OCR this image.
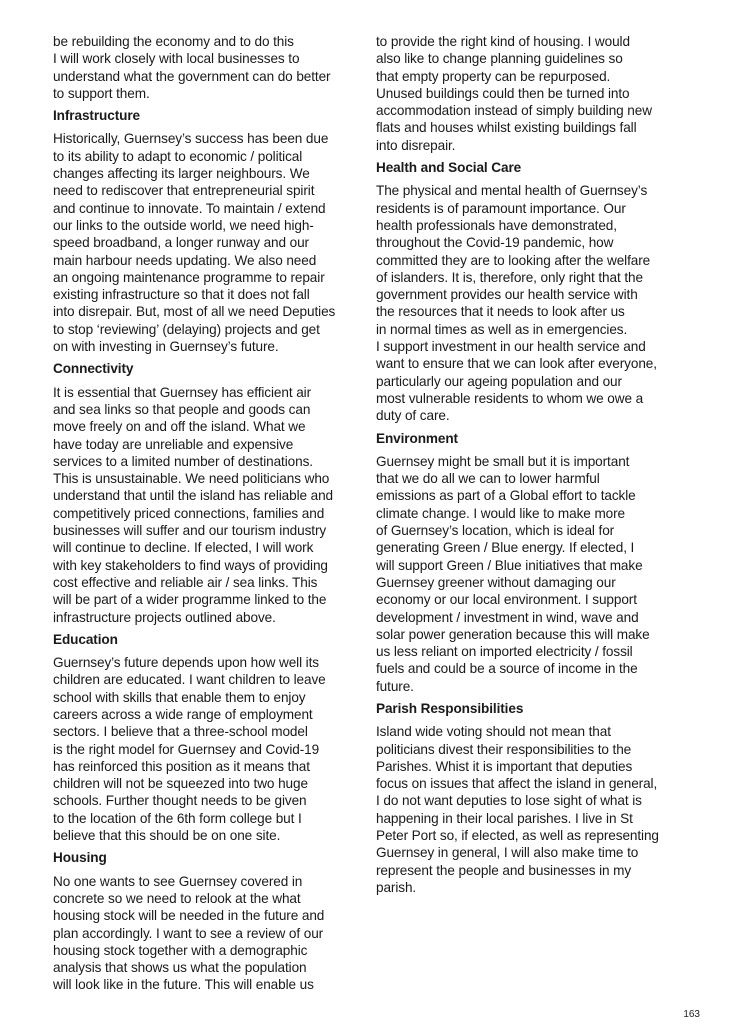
be rebuilding the economy and to do this
I will work closely with local businesses to
understand what the government can do better
to support them.

Infrastructure

Historically, Guernsey’s success has been due
to its ability to adapt to economic / political
changes affecting its larger neighbours. We
need to rediscover that entrepreneurial spirit
and continue to innovate. To maintain / extend
our links to the outside world, we need high-
speed broadband, a longer runway and our
main harbour needs updating. We also need
an ongoing maintenance programme to repair
existing infrastructure so that it does not fall
into disrepair. But, most of all we need Deputies
to stop ‘reviewing’ (delaying) projects and get
on with investing in Guernsey’s future.

Connectivity

It is essential that Guernsey has efficient air
and sea links so that people and goods can
move freely on and off the island. What we
have today are unreliable and expensive
services to a limited number of destinations.
This is unsustainable. We need politicians who
understand that until the island has reliable and
competitively priced connections, families and
businesses will suffer and our tourism industry
will continue to decline. If elected, I will work
with key stakeholders to find ways of providing
cost effective and reliable air / sea links. This
will be part of a wider programme linked to the
infrastructure projects outlined above.

Education

Guernsey’s future depends upon how well its
children are educated. I want children to leave
school with skills that enable them to enjoy
careers across a wide range of employment
sectors. I believe that a three-school model
is the right model for Guernsey and Covid-19
has reinforced this position as it means that
children will not be squeezed into two huge
schools. Further thought needs to be given
to the location of the 6th form college but I
believe that this should be on one site.

Housing

No one wants to see Guernsey covered in
concrete so we need to relook at the what
housing stock will be needed in the future and
plan accordingly. I want to see a review of our
housing stock together with a demographic
analysis that shows us what the population
will look like in the future. This will enable us

to provide the right kind of housing. I would
also like to change planning guidelines so
that empty property can be repurposed.
Unused buildings could then be turned into
accommodation instead of simply building new
flats and houses whilst existing buildings fall
into disrepair.

Health and Social Care

The physical and mental health of Guernsey’s
residents is of paramount importance. Our
health professionals have demonstrated,
throughout the Covid-19 pandemic, how
committed they are to looking after the welfare
of islanders. It is, therefore, only right that the
government provides our health service with
the resources that it needs to look after us
in normal times as well as in emergencies.
I support investment in our health service and
want to ensure that we can look after everyone,
particularly our ageing population and our
most vulnerable residents to whom we owe a
duty of care.

Environment

Guernsey might be small but it is important
that we do all we can to lower harmful
emissions as part of a Global effort to tackle
climate change. I would like to make more
of Guernsey’s location, which is ideal for
generating Green / Blue energy. If elected, I
will support Green / Blue initiatives that make
Guernsey greener without damaging our
economy or our local environment. I support
development / investment in wind, wave and
solar power generation because this will make
us less reliant on imported electricity / fossil
fuels and could be a source of income in the
future.

Parish Responsibilities

Island wide voting should not mean that
politicians divest their responsibilities to the
Parishes. Whist it is important that deputies
focus on issues that affect the island in general,
I do not want deputies to lose sight of what is
happening in their local parishes. I live in St
Peter Port so, if elected, as well as representing
Guernsey in general, I will also make time to
represent the people and businesses in my
parish.

163
